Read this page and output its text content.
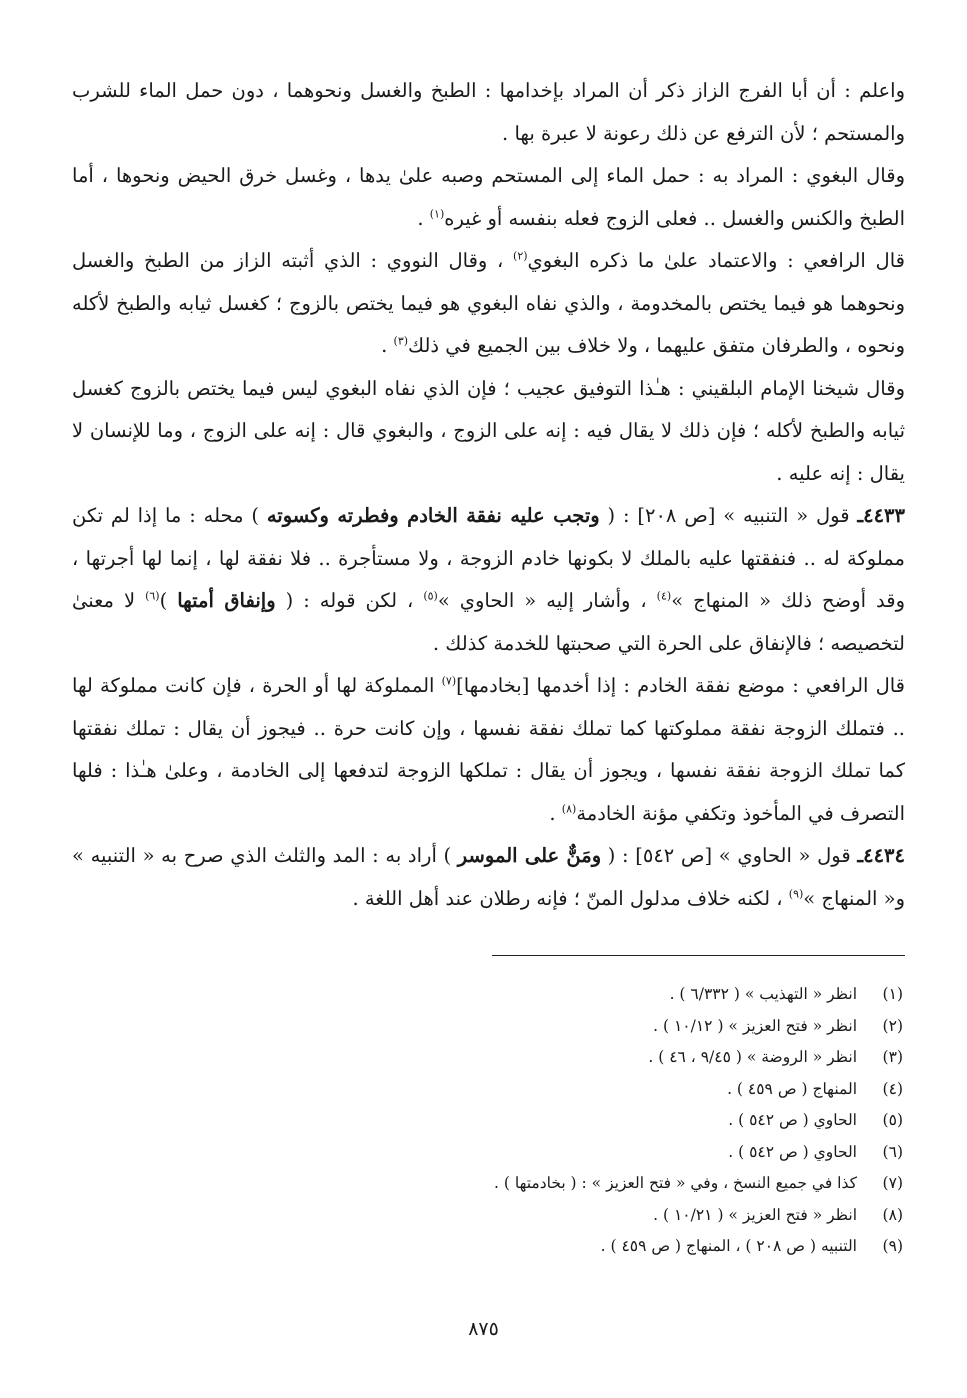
واعلم : أن أبا الفرج الزاز ذكر أن المراد بإخدامها : الطبخ والغسل ونحوهما ، دون حمل الماء للشرب والمستحم ؛ لأن الترفع عن ذلك رعونة لا عبرة بها .

وقال البغوي : المراد به : حمل الماء إلى المستحم وصبه علىٰ يدها ، وغسل خرق الحيض ونحوها ، أما الطبخ والكنس والغسل .. فعلى الزوج فعله بنفسه أو غيره$^{(١)}$ .

قال الرافعي : والاعتماد علىٰ ما ذكره البغوي$^{(٢)}$ ، وقال النووي : الذي أثبته الزاز من الطبخ والغسل ونحوهما هو فيما يختص بالمخدومة ، والذي نفاه البغوي هو فيما يختص بالزوج ؛ كغسل ثيابه والطبخ لأكله ونحوه ، والطرفان متفق عليهما ، ولا خلاف بين الجميع في ذلك$^{(٣)}$ .

وقال شيخنا الإمام البلقيني : هـٰذا التوفيق عجيب ؛ فإن الذي نفاه البغوي ليس فيما يختص بالزوج كغسل ثيابه والطبخ لأكله ؛ فإن ذلك لا يقال فيه : إنه على الزوج ، والبغوي قال : إنه على الزوج ، وما للإنسان لا يقال : إنه عليه .

٤٤٣٣ـ قول « التنبيه » [ص ٢٠٨] : ( وتجب عليه نفقة الخادم وفطرته وكسوته ) محله : ما إذا لم تكن مملوكة له .. فنفقتها عليه بالملك لا بكونها خادم الزوجة ، ولا مستأجرة .. فلا نفقة لها ، إنما لها أجرتها ، وقد أوضح ذلك « المنهاج »$^{(٤)}$ ، وأشار إليه « الحاوي »$^{(٥)}$ ، لكن قوله : ( وإنفاق أمتها )$^{(٦)}$ لا معنىٰ لتخصيصه ؛ فالإنفاق على الحرة التي صحبتها للخدمة كذلك .

قال الرافعي : موضع نفقة الخادم : إذا أخدمها [بخادمها]$^{(٧)}$ المملوكة لها أو الحرة ، فإن كانت مملوكة لها .. فتملك الزوجة نفقة مملوكتها كما تملك نفقة نفسها ، وإن كانت حرة .. فيجوز أن يقال : تملك نفقتها كما تملك الزوجة نفقة نفسها ، ويجوز أن يقال : تملكها الزوجة لتدفعها إلى الخادمة ، وعلىٰ هـٰذا : فلها التصرف في المأخوذ وتكفي مؤنة الخادمة$^{(٨)}$ .

٤٤٣٤ـ قول « الحاوي » [ص ٥٤٢] : ( ومَنٌّ على الموسر ) أراد به : المد والثلث الذي صرح به « التنبيه » و« المنهاج »$^{(٩)}$ ، لكنه خلاف مدلول المنّ ؛ فإنه رطلان عند أهل اللغة .

(١)انظر « التهذيب » ( ٦/٣٣٢ ) .
(٢)انظر « فتح العزيز » ( ١٠/١٢ ) .
(٣)انظر « الروضة » ( ٩/٤٥ ، ٤٦ ) .
(٤)المنهاج ( ص ٤٥٩ ) .
(٥)الحاوي ( ص ٥٤٢ ) .
(٦)الحاوي ( ص ٥٤٢ ) .
(٧)كذا في جميع النسخ ، وفي « فتح العزيز » : ( بخادمتها ) .
(٨)انظر « فتح العزيز » ( ١٠/٢١ ) .
(٩)التنبيه ( ص ٢٠٨ ) ، المنهاج ( ص ٤٥٩ ) .
٨٧٥
